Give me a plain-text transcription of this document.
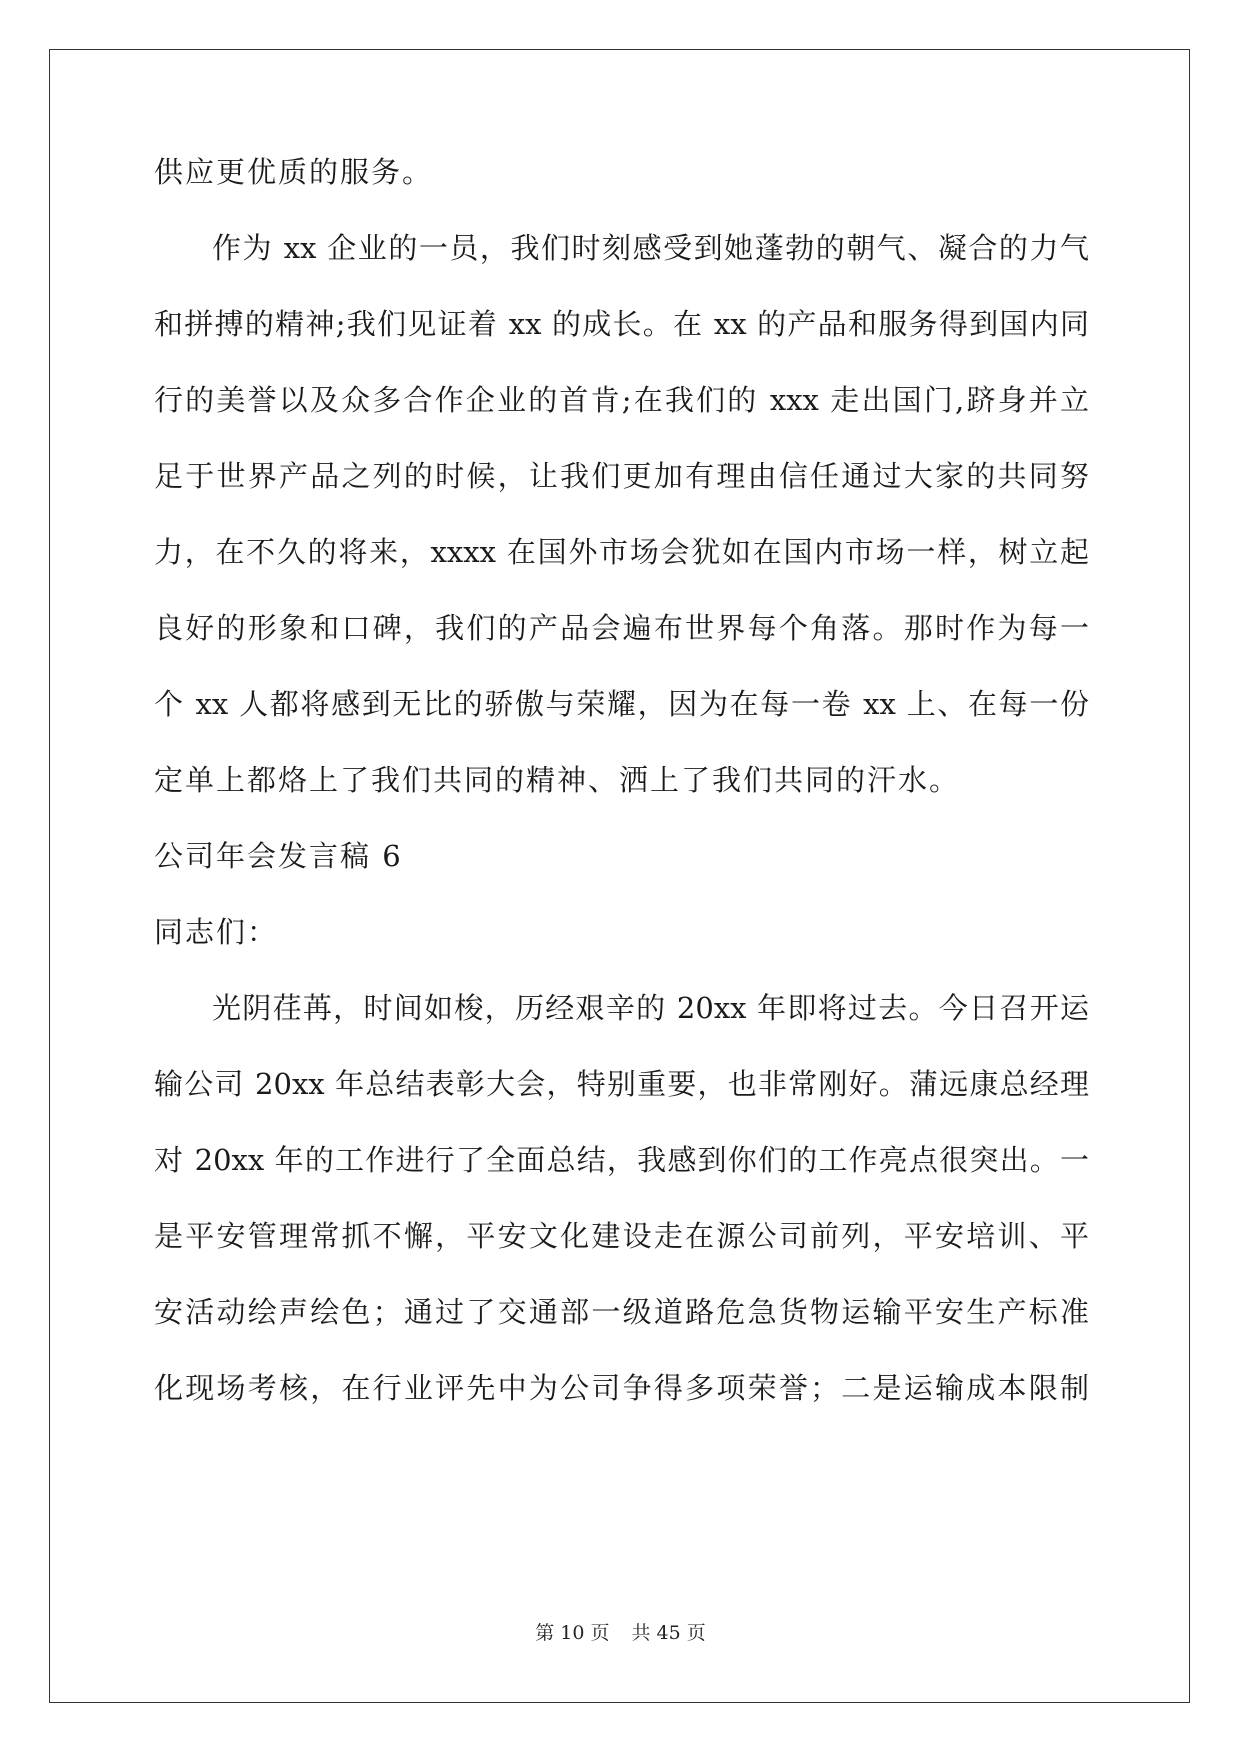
供应更优质的服务。
作为 xx 企业的一员，我们时刻感受到她蓬勃的朝气、凝合的力气
和拼搏的精神;我们见证着 xx 的成长。在 xx 的产品和服务得到国内同
行的美誉以及众多合作企业的首肯;在我们的 xxx 走出国门,跻身并立
足于世界产品之列的时候，让我们更加有理由信任通过大家的共同努
力，在不久的将来，xxxx 在国外市场会犹如在国内市场一样，树立起
良好的形象和口碑，我们的产品会遍布世界每个角落。那时作为每一
个 xx 人都将感到无比的骄傲与荣耀，因为在每一卷 xx 上、在每一份
定单上都烙上了我们共同的精神、洒上了我们共同的汗水。
公司年会发言稿 6
同志们：
光阴荏苒，时间如梭，历经艰辛的 20xx 年即将过去。今日召开运
输公司 20xx 年总结表彰大会，特别重要，也非常刚好。蒲远康总经理
对 20xx 年的工作进行了全面总结，我感到你们的工作亮点很突出。一
是平安管理常抓不懈，平安文化建设走在源公司前列，平安培训、平
安活动绘声绘色；通过了交通部一级道路危急货物运输平安生产标准
化现场考核，在行业评先中为公司争得多项荣誉；二是运输成本限制
第 10 页 共 45 页
